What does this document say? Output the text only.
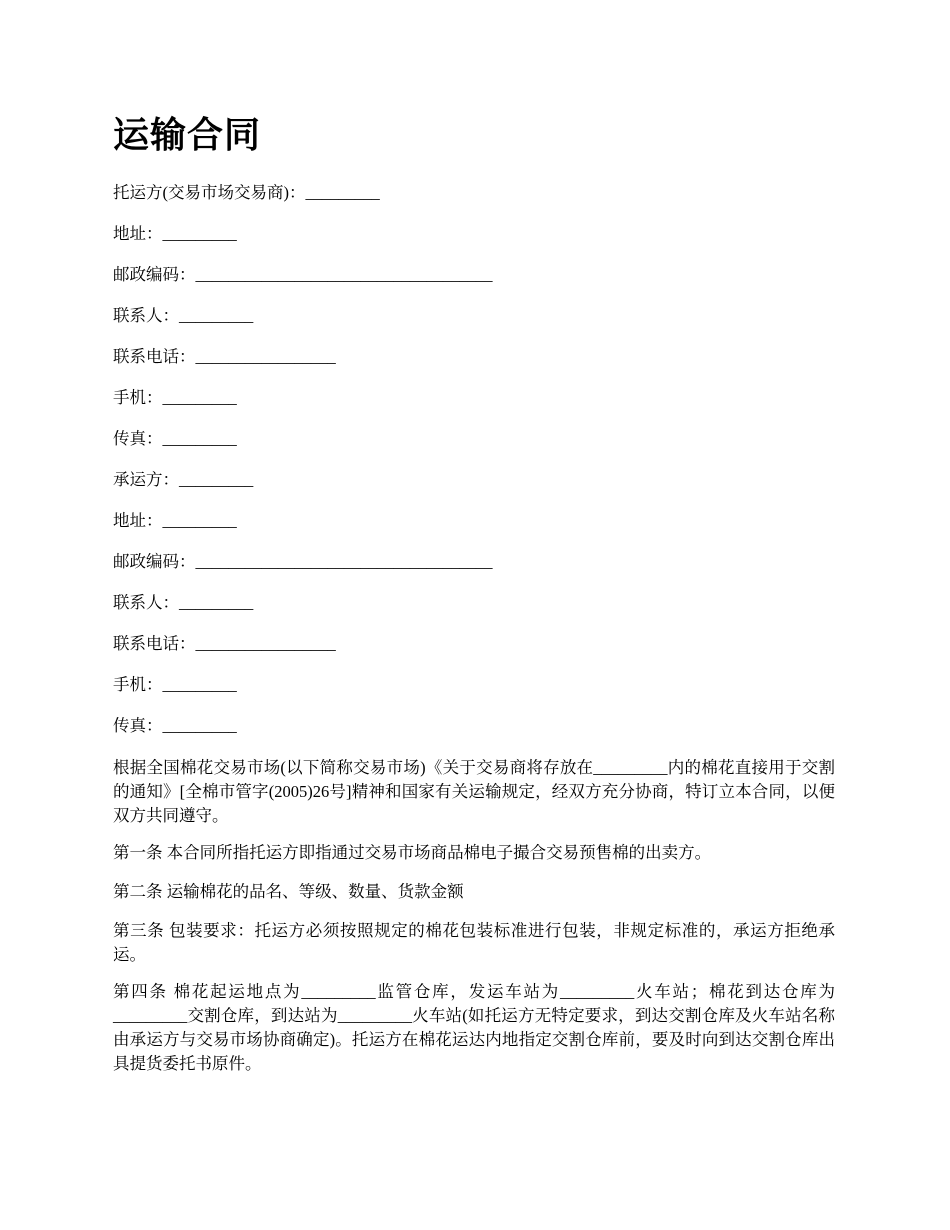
运输合同

托运方(交易市场交易商)：_________

地址：_________

邮政编码：____________________________________

联系人：_________

联系电话：_________________

手机：_________

传真：_________

承运方：_________

地址：_________

邮政编码：____________________________________

联系人：_________

联系电话：_________________

手机：_________

传真：_________

根据全国棉花交易市场(以下简称交易市场)《关于交易商将存放在_________内的棉花直接用于交割的通知》[全棉市管字(2005)26号]精神和国家有关运输规定，经双方充分协商，特订立本合同，以便双方共同遵守。

第一条 本合同所指托运方即指通过交易市场商品棉电子撮合交易预售棉的出卖方。

第二条 运输棉花的品名、等级、数量、货款金额

第三条 包装要求：托运方必须按照规定的棉花包装标准进行包装，非规定标准的，承运方拒绝承运。

第四条 棉花起运地点为_________监管仓库，发运车站为_________火车站；棉花到达仓库为_________交割仓库，到达站为_________火车站(如托运方无特定要求，到达交割仓库及火车站名称由承运方与交易市场协商确定)。托运方在棉花运达内地指定交割仓库前，要及时向到达交割仓库出具提货委托书原件。
